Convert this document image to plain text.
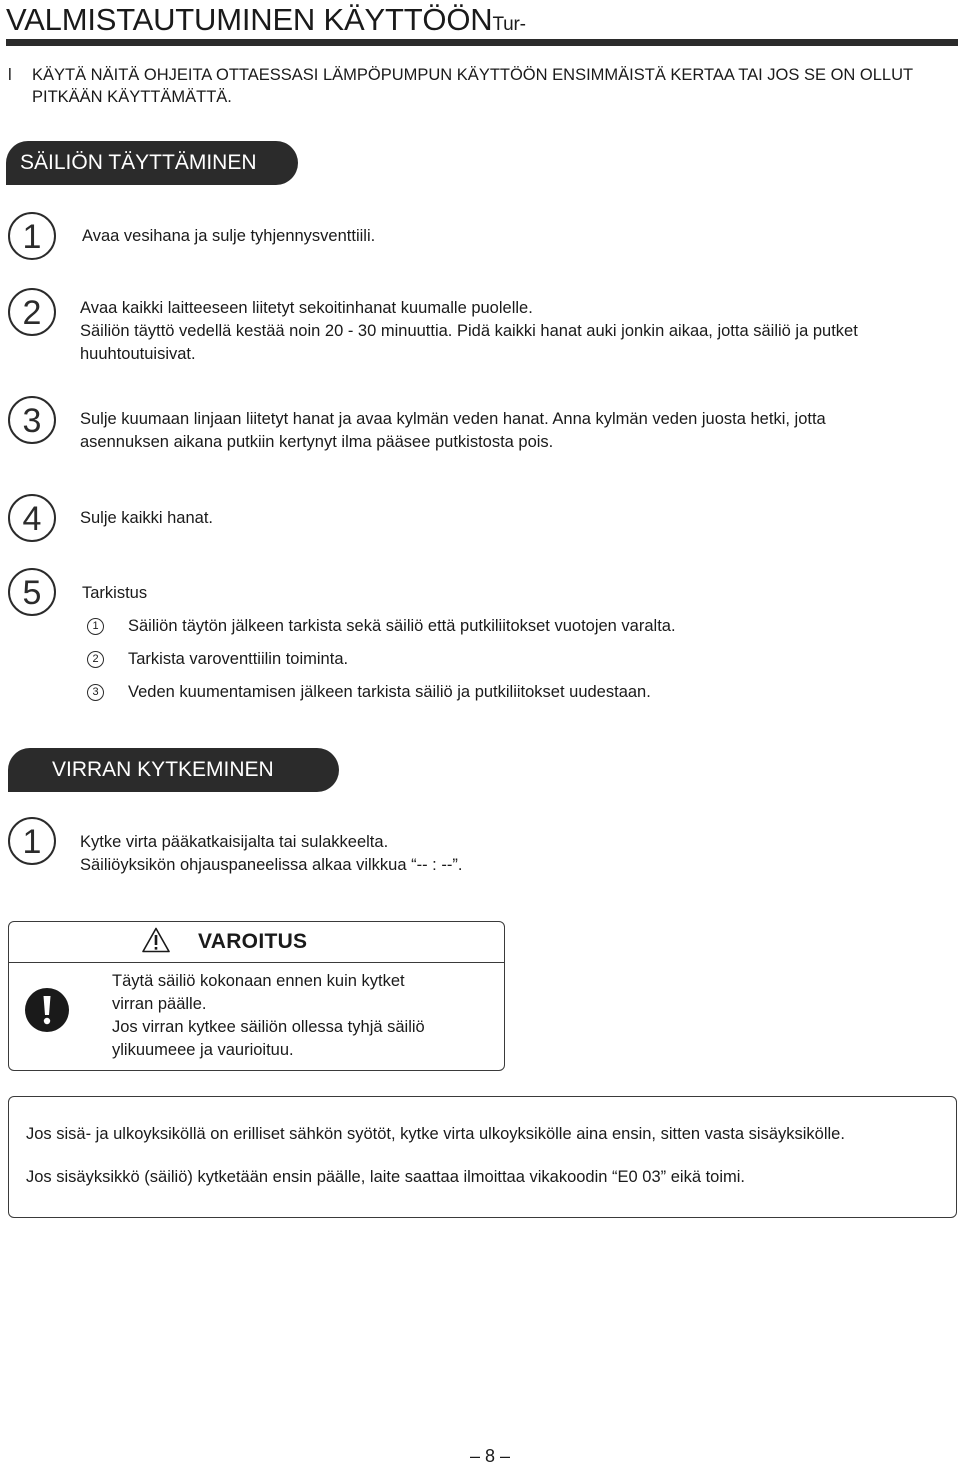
VALMISTAUTUMINEN KÄYTTÖÖNTur-
l KÄYTÄ NÄITÄ OHJEITA OTTAESSASI LÄMPÖPUMPUN KÄYTTÖÖN ENSIMMÄISTÄ KERTAA TAI JOS SE ON OLLUT PITKÄÄN KÄYTTÄMÄTTÄ.
SÄILIÖN TÄYTTÄMINEN
1	Avaa vesihana ja sulje tyhjennysventtiili.
2	Avaa kaikki laitteeseen liitetyt sekoitinhanat kuumalle puolelle.
Säiliön täyttö vedellä kestää noin 20 - 30 minuuttia. Pidä kaikki hanat auki jonkin aikaa, jotta säiliö ja putket
huuhtoutuisivat.
3	Sulje kuumaan linjaan liitetyt hanat ja avaa kylmän veden hanat. Anna kylmän veden juosta hetki, jotta
asennuksen aikana putkiin kertynyt ilma pääsee putkistosta pois.
4	Sulje kaikki hanat.
5	Tarkistus
1	Säiliön täytön jälkeen tarkista sekä säiliö että putkiliitokset vuotojen varalta.
2	Tarkista varoventtiilin toiminta.
3	Veden kuumentamisen jälkeen tarkista säiliö ja putkiliitokset uudestaan.
VIRRAN KYTKEMINEN
1	Kytke virta pääkatkaisijalta tai sulakkeelta.
Säiliöyksikön ohjauspaneelissa alkaa vilkkua “-- : --”.
VAROITUS

Täytä säiliö kokonaan ennen kuin kytket

virran päälle.

Jos virran kytkee säiliön ollessa tyhjä säiliö

ylikuumeee ja vaurioituu.

Jos sisä- ja ulkoyksiköllä on erilliset sähkön syötöt, kytke virta ulkoyksikölle aina ensin, sitten vasta sisäyksikölle.
Jos sisäyksikkö (säiliö) kytketään ensin päälle, laite saattaa ilmoittaa vikakoodin “E0 03” eikä toimi.
– 8 –
